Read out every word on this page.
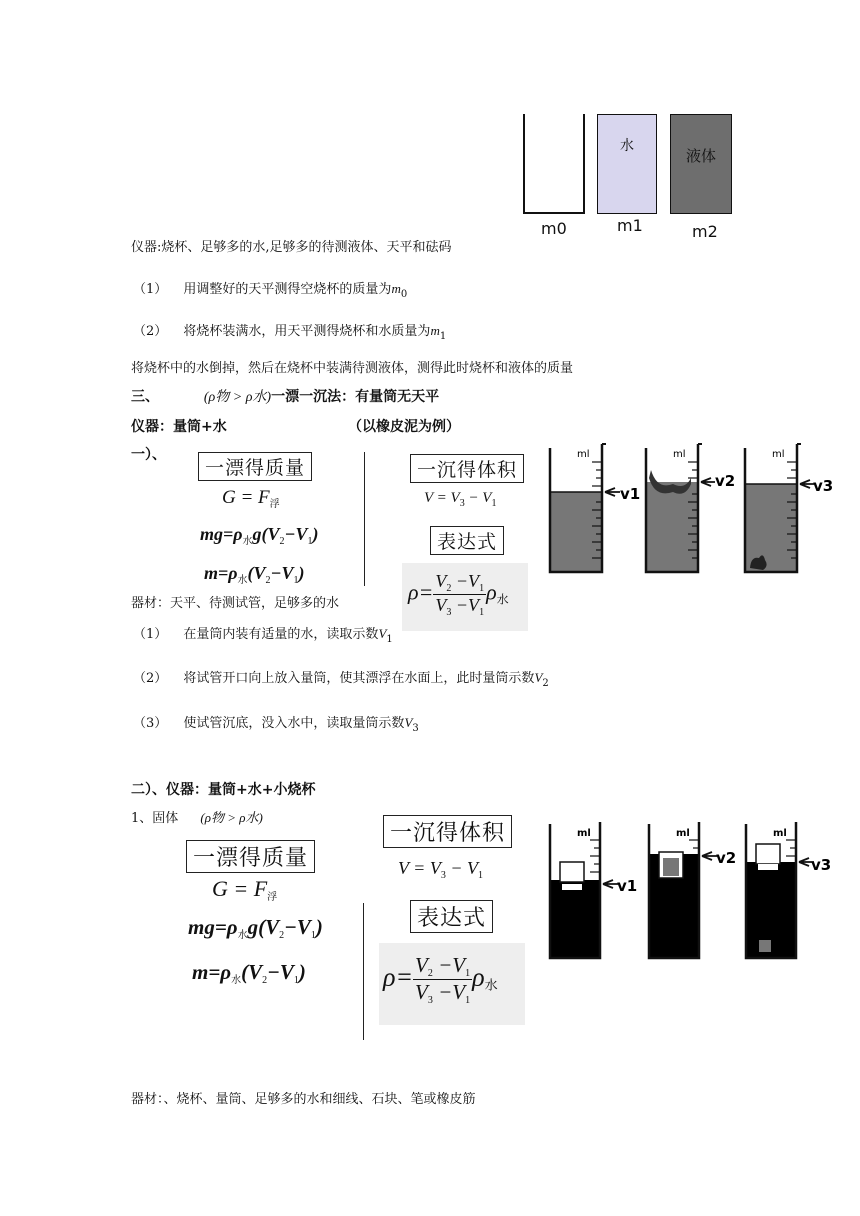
水
液体
m0	m1	m2
仪器:烧杯、足够多的水,足够多的待测液体、天平和砝码
（1） 用调整好的天平测得空烧杯的质量为$m_0$
（2） 将烧杯装满水，用天平测得烧杯和水质量为$m_1$
将烧杯中的水倒掉，然后在烧杯中装满待测液体，测得此时烧杯和液体的质量
三、	(ρ物 > ρ水)一漂一沉法：有量筒无天平
仪器：量筒+水	（以橡皮泥为例）
一）、
一漂得质量
$G = F_浮$
$mg=\rho_水g(V_2-V_1)$
$m=\rho_水(V_2-V_1)$
一沉得体积
$V = V_3 - V_1$
表达式
$\rho= \frac{V_2 -V_1}{V_3 -V_1} \rho_水$
器材：天平、待测试管，足够多的水
ml
v1
ml
v2
ml
v3
（1） 在量筒内装有适量的水，读取示数$V_1$
（2） 将试管开口向上放入量筒，使其漂浮在水面上，此时量筒示数$V_2$
（3） 使试管沉底，没入水中，读取量筒示数$V_3$
二）、仪器：量筒+水+小烧杯
1、固体 (ρ物 > ρ水)
一沉得体积
$V = V_3 - V_1$
一漂得质量
$G = F_浮$
$mg=\rho_水g(V_2-V_1)$
$m=\rho_水(V_2-V_1)$
表达式
$\rho= \frac{V_2 -V_1}{V_3 -V_1} \rho_水$
ml
v1
ml
v2
ml
v3
器材：、烧杯、量筒、足够多的水和细线、石块、笔或橡皮筋
